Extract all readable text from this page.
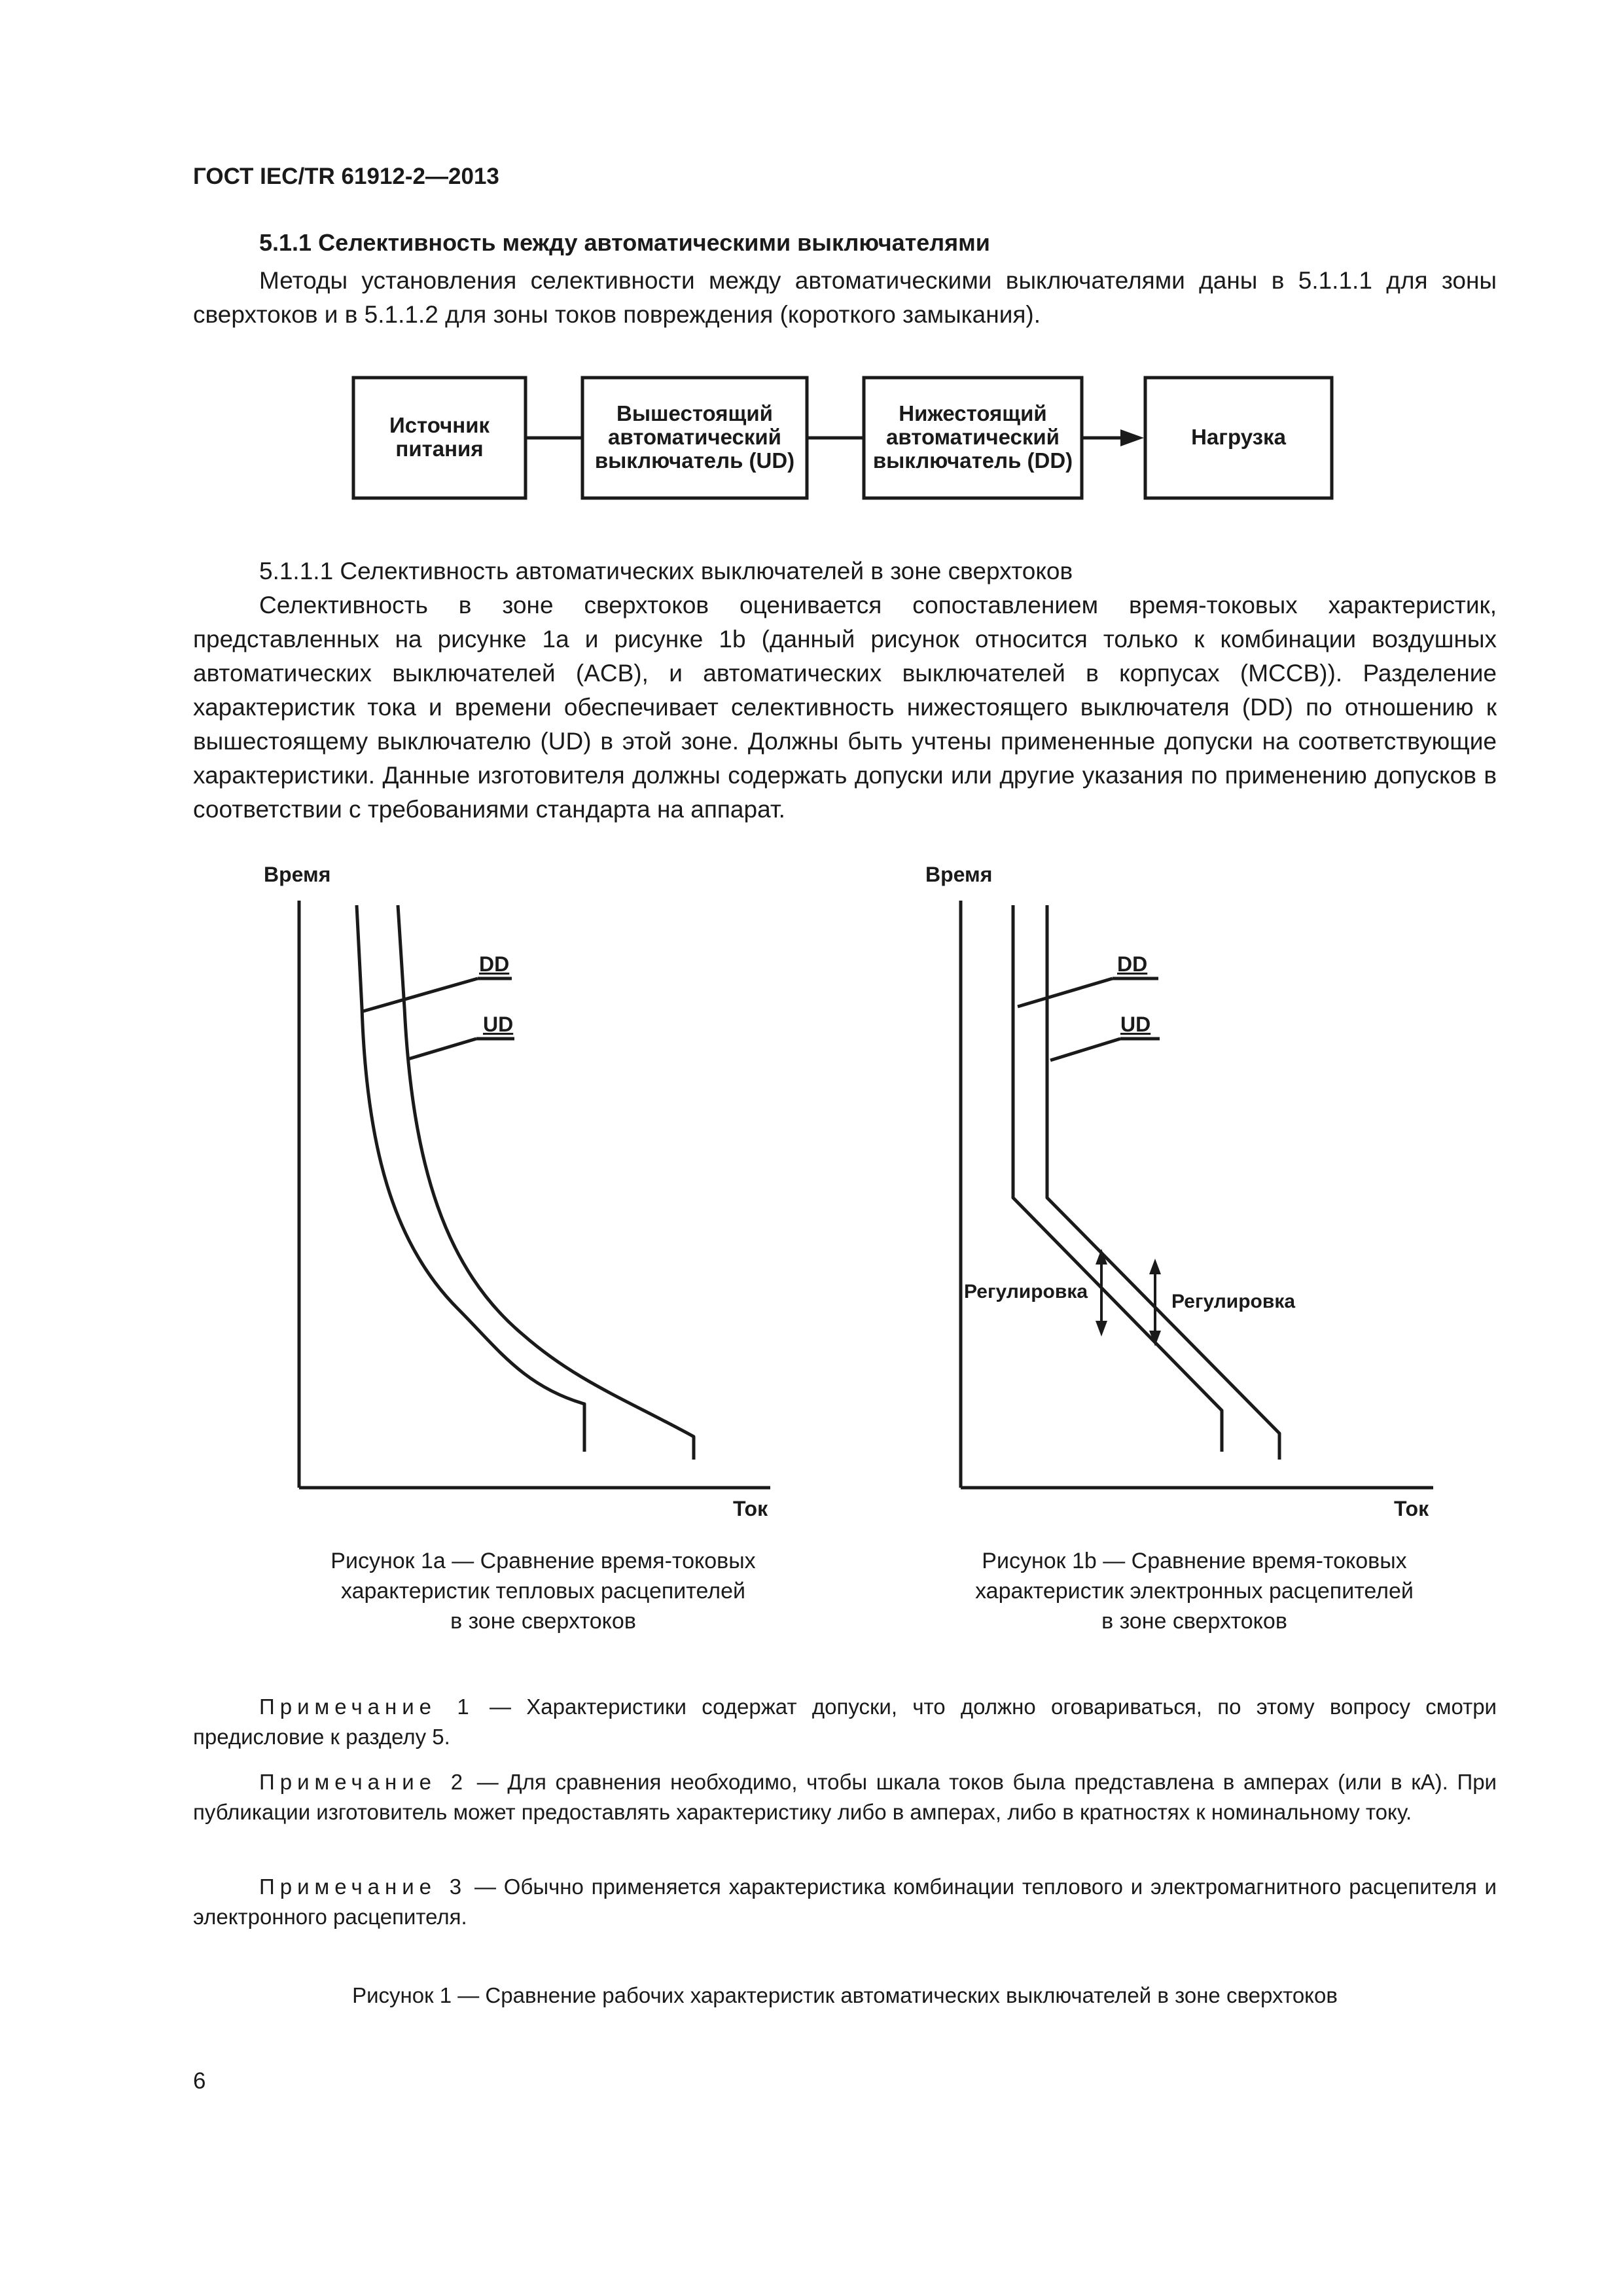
ГОСТ IEC/TR 61912-2—2013
5.1.1 Селективность между автоматическими выключателями
Методы установления селективности между автоматическими выключателями даны в 5.1.1.1 для зоны сверхтоков и в 5.1.1.2 для зоны токов повреждения (короткого замыкания).
Источник
питания
Вышестоящий
автоматический
выключатель (UD)
Нижестоящий
автоматический
выключатель (DD)
Нагрузка
5.1.1.1 Селективность автоматических выключателей в зоне сверхтоков
Селективность в зоне сверхтоков оценивается сопоставлением время-токовых характеристик, представленных на рисунке 1a и рисунке 1b (данный рисунок относится только к комбинации воздушных автоматических выключателей (ACB), и автоматических выключателей в корпусах (MCCB)). Разделение характеристик тока и времени обеспечивает селективность нижестоящего выключателя (DD) по отношению к вышестоящему выключателю (UD) в этой зоне. Должны быть учтены примененные допуски на соответствующие характеристики. Данные изготовителя должны содержать допуски или другие указания по применению допусков в соответствии с требованиями стандарта на аппарат.
Время
Ток
DD
UD
Рисунок 1a — Сравнение время-токовых
характеристик тепловых расцепителей
в зоне сверхтоков
Время
Ток
DD
UD
Регулировка	Регулировка
Рисунок 1b — Сравнение время-токовых
характеристик электронных расцепителей
в зоне сверхтоков
Примечание 1 — Характеристики содержат допуски, что должно оговариваться, по этому вопросу смотри предисловие к разделу 5.
Примечание 2 — Для сравнения необходимо, чтобы шкала токов была представлена в амперах (или в кА). При публикации изготовитель может предоставлять характеристику либо в амперах, либо в кратностях к номинальному току.
Примечание 3 — Обычно применяется характеристика комбинации теплового и электромагнитного расцепителя и электронного расцепителя.
Рисунок 1 — Сравнение рабочих характеристик автоматических выключателей в зоне сверхтоков
6
